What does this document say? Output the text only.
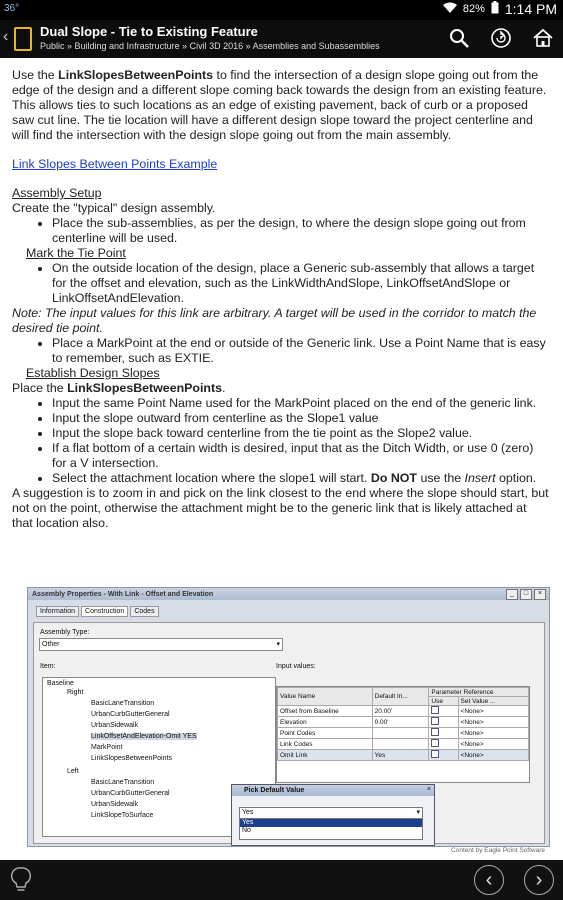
36°	82% 1:14 PM
‹ Dual Slope - Tie to Existing Feature
Public » Building and Infrastructure » Civil 3D 2016 » Assemblies and Subassemblies

Use the LinkSlopesBetweenPoints to find the intersection of a design slope going out from the edge of the design and a different slope coming back towards the design from an existing feature. This allows ties to such locations as an edge of existing pavement, back of curb or a proposed saw cut line. The tie location will have a different design slope toward the project centerline and will find the intersection with the design slope going out from the main assembly.

Link Slopes Between Points Example

Assembly Setup
Create the "typical" design assembly.
• Place the sub-assemblies, as per the design, to where the design slope going out from centerline will be used.
Mark the Tie Point
• On the outside location of the design, place a Generic sub-assembly that allows a target for the offset and elevation, such as the LinkWidthAndSlope, LinkOffsetAndSlope or LinkOffsetAndElevation.
Note: The input values for this link are arbitrary. A target will be used in the corridor to match the desired tie point.
• Place a MarkPoint at the end or outside of the Generic link. Use a Point Name that is easy to remember, such as EXTIE.
Establish Design Slopes
Place the LinkSlopesBetweenPoints.
• Input the same Point Name used for the MarkPoint placed on the end of the generic link.
• Input the slope outward from centerline as the Slope1 value
• Input the slope back toward centerline from the tie point as the Slope2 value.
• If a flat bottom of a certain width is desired, input that as the Ditch Width, or use 0 (zero) for a V intersection.
• Select the attachment location where the slope1 will start. Do NOT use the Insert option.
A suggestion is to zoom in and pick on the link closest to the end where the slope should start, but not on the point, otherwise the attachment might be to the generic link that is likely attached at that location also.
Assembly Properties - With Link - Offset and Elevation	_	□	×
Information	Construction	Codes
Assembly Type:
Item:	Input values:
Other	▾
Baseline
Right
BasicLaneTransition
UrbanCurbGutterGeneral
UrbanSidewalk
LinkOffsetAndElevation-Omit YES
MarkPoint
LinkSlopesBetweenPoints
Left
BasicLaneTransition
UrbanCurbGutterGeneral
UrbanSidewalk
LinkSlopeToSurface
Value Name	Default In...	Parameter Reference	
		Use	Set Value ...
Offset from Baseline	20.00'		<None>
Elevation	0.00'		<None>
Point Codes			<None>
Link Codes			<None>
Omit Link	Yes		<None>
Pick Default Value	×
Yes	▾
Yes
No
Content by Eagle Point Software
‹	›
